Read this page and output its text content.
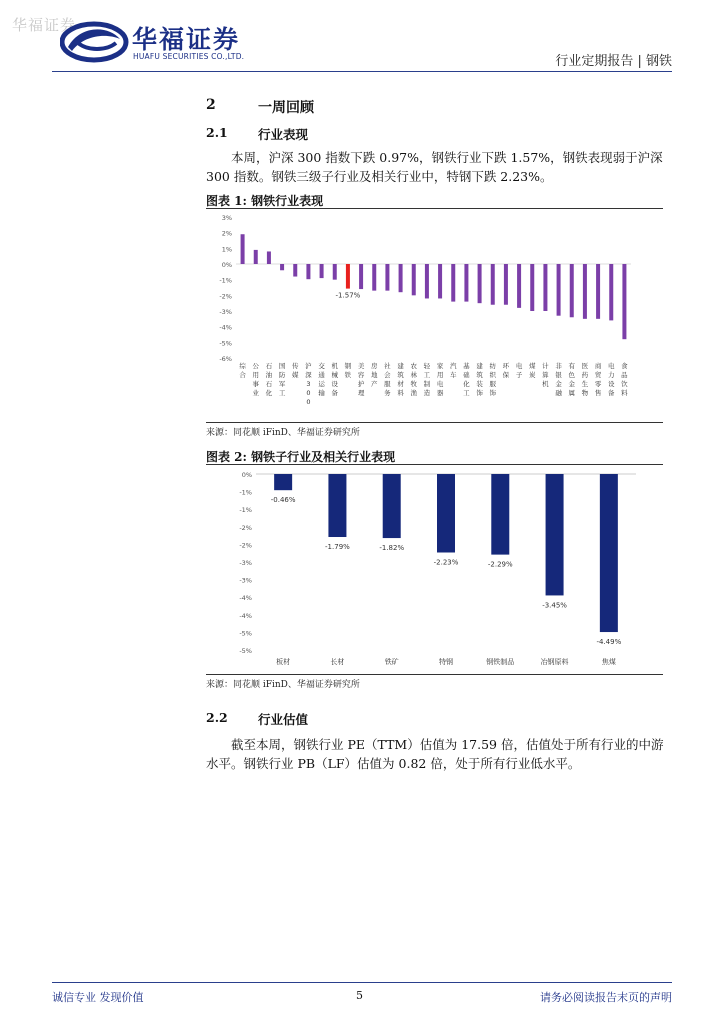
华福证券 华福证券
HUAFU SECURITIES CO.,LTD.	行业定期报告 | 钢铁
2	一周回顾
2.1 行业表现
本周，沪深 300 指数下跌 0.97%，钢铁行业下跌 1.57%，钢铁表现弱于沪深 300 指数。钢铁三级子行业及相关行业中，特钢下跌 2.23%。
图表 1: 钢铁行业表现
3%
2%
1%
0%
-1%
-2%
-3%
-4%
-5%
-6%
综合
公用事业
石油石化
国防军工
传媒
沪深 3 0 0
交通运输
机械设备
钢铁
-1.57%
美容护理
房地产
社会服务
建筑材料
农林牧渔
轻工制造
家用电器
汽车
基础化工
建筑装饰
纺织服饰
环保
电子
煤炭
计算机
非银金融
有色金属
医药生物
商贸零售
电力设备
食品饮料
来源：同花顺 iFinD、华福证券研究所
图表 2: 钢铁子行业及相关行业表现
0%
-1%
-1%
-2%
-2%
-3%
-3%
-4%
-4%
-5%
-5%
-0.46%
板材
-1.79%
长材
-1.82%
铁矿
-2.23%
特钢
-2.29%
钢铁制品
-3.45%
冶钢原料
-4.49%
焦煤
来源：同花顺 iFinD、华福证券研究所
2.2 行业估值
截至本周，钢铁行业 PE（TTM）估值为 17.59 倍，估值处于所有行业的中游水平。钢铁行业 PB（LF）估值为 0.82 倍，处于所有行业低水平。
诚信专业 发现价值	5	请务必阅读报告末页的声明
